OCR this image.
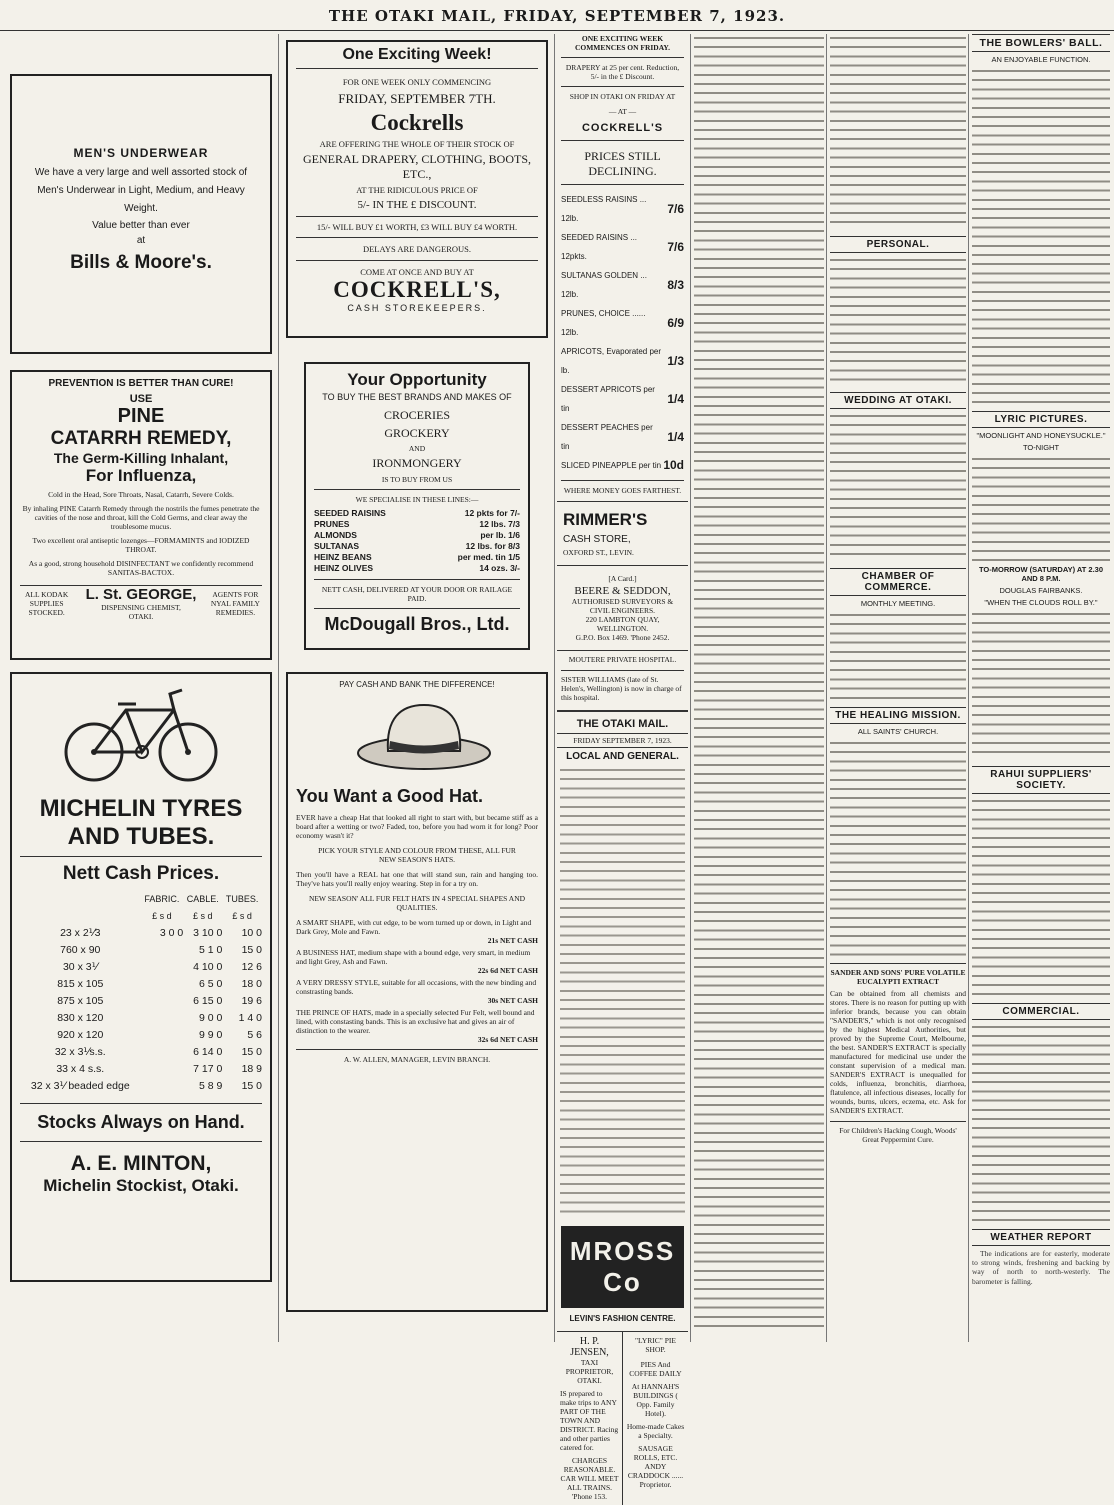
THE OTAKI MAIL, FRIDAY, SEPTEMBER 7, 1923.
MEN'S UNDERWEAR
We have a very large and well assorted stock of Men's Underwear in Light, Medium, and Heavy Weight.
Value better than ever
at
Bills & Moore's.
PREVENTION IS BETTER THAN CURE!
USE
PINE
CATARRH REMEDY,
The Germ-Killing Inhalant,
For Influenza,
Cold in the Head, Sore Throats, Nasal, Catarrh, Severe Colds.
By inhaling PINE Catarrh Remedy through the nostrils the fumes penetrate the cavities of the nose and throat, kill the Cold Germs, and clear away the troublesome mucus.
Two excellent oral antiseptic lozenges—FORMAMINTS and IODIZED THROAT.
As a good, strong household DISINFECTANT we confidently recommend SANITAS-BACTOX.
ALL KODAK SUPPLIES STOCKED.	
L. St. GEORGE,
DISPENSING CHEMIST,
OTAKI.
	AGENTS FOR NYAL FAMILY REMEDIES.
MICHELIN TYRES
AND TUBES.
Nett Cash Prices.
	FABRIC.	CABLE.	TUBES.
	£ s d	£ s d	£ s d
23 x 2⅟3	3 0 0	3 10 0	10 0
760 x 90		5 1 0	15 0
30 x 3⅟		4 10 0	12 6
815 x 105		6 5 0	18 0
875 x 105		6 15 0	19 6
830 x 120		9 0 0	1 4 0
920 x 120		9 9 0	5 6
32 x 3⅟s.s.		6 14 0	15 0
33 x 4 s.s.		7 17 0	18 9
32 x 3⅟ beaded edge		5 8 9	15 0
Stocks Always on Hand.
A. E. MINTON,
Michelin Stockist, Otaki.
One Exciting Week!
FOR ONE WEEK ONLY COMMENCING
FRIDAY, SEPTEMBER 7TH.
Cockrells
ARE OFFERING THE WHOLE OF THEIR STOCK OF
GENERAL DRAPERY, CLOTHING, BOOTS, ETC.,
AT THE RIDICULOUS PRICE OF
5/- IN THE £ DISCOUNT.
15/- WILL BUY £1 WORTH, £3 WILL BUY £4 WORTH.
DELAYS ARE DANGEROUS.
COME AT ONCE AND BUY AT
COCKRELL'S,
CASH STOREKEEPERS.
Your Opportunity
TO BUY THE BEST BRANDS AND MAKES OF
CROCERIES
GROCKERY
AND
IRONMONGERY
IS TO BUY FROM US
WE SPECIALISE IN THESE LINES:—
SEEDED RAISINS	12 pkts for 7/-
PRUNES	12 lbs. 7/3
ALMONDS	per lb. 1/6
SULTANAS	12 lbs. for 8/3
HEINZ BEANS	per med. tin 1/5
HEINZ OLIVES	14 ozs. 3/-
NETT CASH, DELIVERED AT YOUR DOOR OR RAILAGE PAID.
McDougall Bros., Ltd.
PAY CASH AND BANK THE DIFFERENCE!
You Want a Good Hat.
EVER have a cheap Hat that looked all right to start with, but became stiff as a board after a wetting or two? Faded, too, before you had worn it for long? Poor economy wasn't it?
PICK YOUR STYLE AND COLOUR FROM THESE, ALL FUR NEW SEASON'S HATS.
Then you'll have a REAL hat one that will stand sun, rain and hanging too. They've hats you'll really enjoy wearing. Step in for a try on.
NEW SEASON' ALL FUR FELT HATS IN 4 SPECIAL SHAPES AND QUALITIES.
A SMART SHAPE, with cut edge, to be worn turned up or down, in Light and Dark Grey, Mole and Fawn.
21s NET CASH
A BUSINESS HAT, medium shape with a bound edge, very smart, in medium and light Grey, Ash and Fawn.
22s 6d NET CASH
A VERY DRESSY STYLE, suitable for all occasions, with the new binding and constrasting bands.
30s NET CASH
THE PRINCE OF HATS, made in a specially selected Fur Felt, well bound and lined, with constasting bands. This is an exclusive hat and gives an air of distinction to the wearer.
32s 6d NET CASH
A. W. ALLEN, MANAGER, LEVIN BRANCH.
ONE EXCITING WEEK COMMENCES ON FRIDAY.
DRAPERY at 25 per cent. Reduction, 5/- in the £ Discount.
SHOP IN OTAKI ON FRIDAY AT
— AT —
COCKRELL'S
PRICES STILL
DECLINING.
SEEDLESS RAISINS ... 12lb.	7/6
SEEDED RAISINS ... 12pkts.	7/6
SULTANAS GOLDEN ... 12lb.	8/3
PRUNES, CHOICE ...... 12lb.	6/9
APRICOTS, Evaporated per lb.	1/3
DESSERT APRICOTS per tin	1/4
DESSERT PEACHES per tin	1/4
SLICED PINEAPPLE per tin	10d
WHERE MONEY GOES FARTHEST.
RIMMER'S
CASH STORE,
OXFORD ST., LEVIN.
[A Card.]
BEERE & SEDDON,
AUTHORISED SURVEYORS & CIVIL ENGINEERS.
220 LAMBTON QUAY, WELLINGTON.
G.P.O. Box 1469. 'Phone 2452.
MOUTERE PRIVATE HOSPITAL.
SISTER WILLIAMS (late of St. Helen's, Wellington) is now in charge of this hospital.
THE OTAKI MAIL.
FRIDAY SEPTEMBER 7, 1923.
LOCAL AND GENERAL.
MROSS Co
LEVIN'S FASHION CENTRE.
H. P. JENSEN,
TAXI PROPRIETOR,
OTAKI.
IS prepared to make trips to ANY PART OF THE TOWN AND DISTRICT. Racing and other parties catered for.
CHARGES REASONABLE.
CAR WILL MEET ALL TRAINS.
'Phone 153.

"LYRIC" PIE SHOP.
PIES And COFFEE DAILY
At HANNAH'S BUILDINGS ( Opp. Family Hotel).
Home-made Cakes a Specialty.
SAUSAGE ROLLS, ETC.
ANDY CRADDOCK ...... Proprietor.
PERSONAL.
WEDDING AT OTAKI.
CHAMBER OF COMMERCE.
MONTHLY MEETING.
THE HEALING MISSION.
ALL SAINTS' CHURCH.
SANDER AND SONS' PURE VOLATILE EUCALYPTI EXTRACT
Can be obtained from all chemists and stores. There is no reason for putting up with inferior brands, because you can obtain "SANDER'S," which is not only recognised by the highest Medical Authorities, but proved by the Supreme Court, Melbourne, the best. SANDER'S EXTRACT is specially manufactured for medicinal use under the constant supervision of a medical man. SANDER'S EXTRACT is unequalled for colds, influenza, bronchitis, diarrhoea, flatulence, all infectious diseases, locally for wounds, burns, ulcers, eczema, etc. Ask for SANDER'S EXTRACT.
For Children's Hacking Cough, Woods' Great Peppermint Cure.
THE BOWLERS' BALL.
AN ENJOYABLE FUNCTION.
LYRIC PICTURES.
"MOONLIGHT AND HONEYSUCKLE."
TO-NIGHT
TO-MORROW (SATURDAY) AT 2.30 AND 8 P.M.
DOUGLAS FAIRBANKS.
"WHEN THE CLOUDS ROLL BY."
RAHUI SUPPLIERS' SOCIETY.
COMMERCIAL.
WEATHER REPORT
The indications are for easterly, moderate to strong winds, freshening and backing by way of north to north-westerly. The barometer is falling.
